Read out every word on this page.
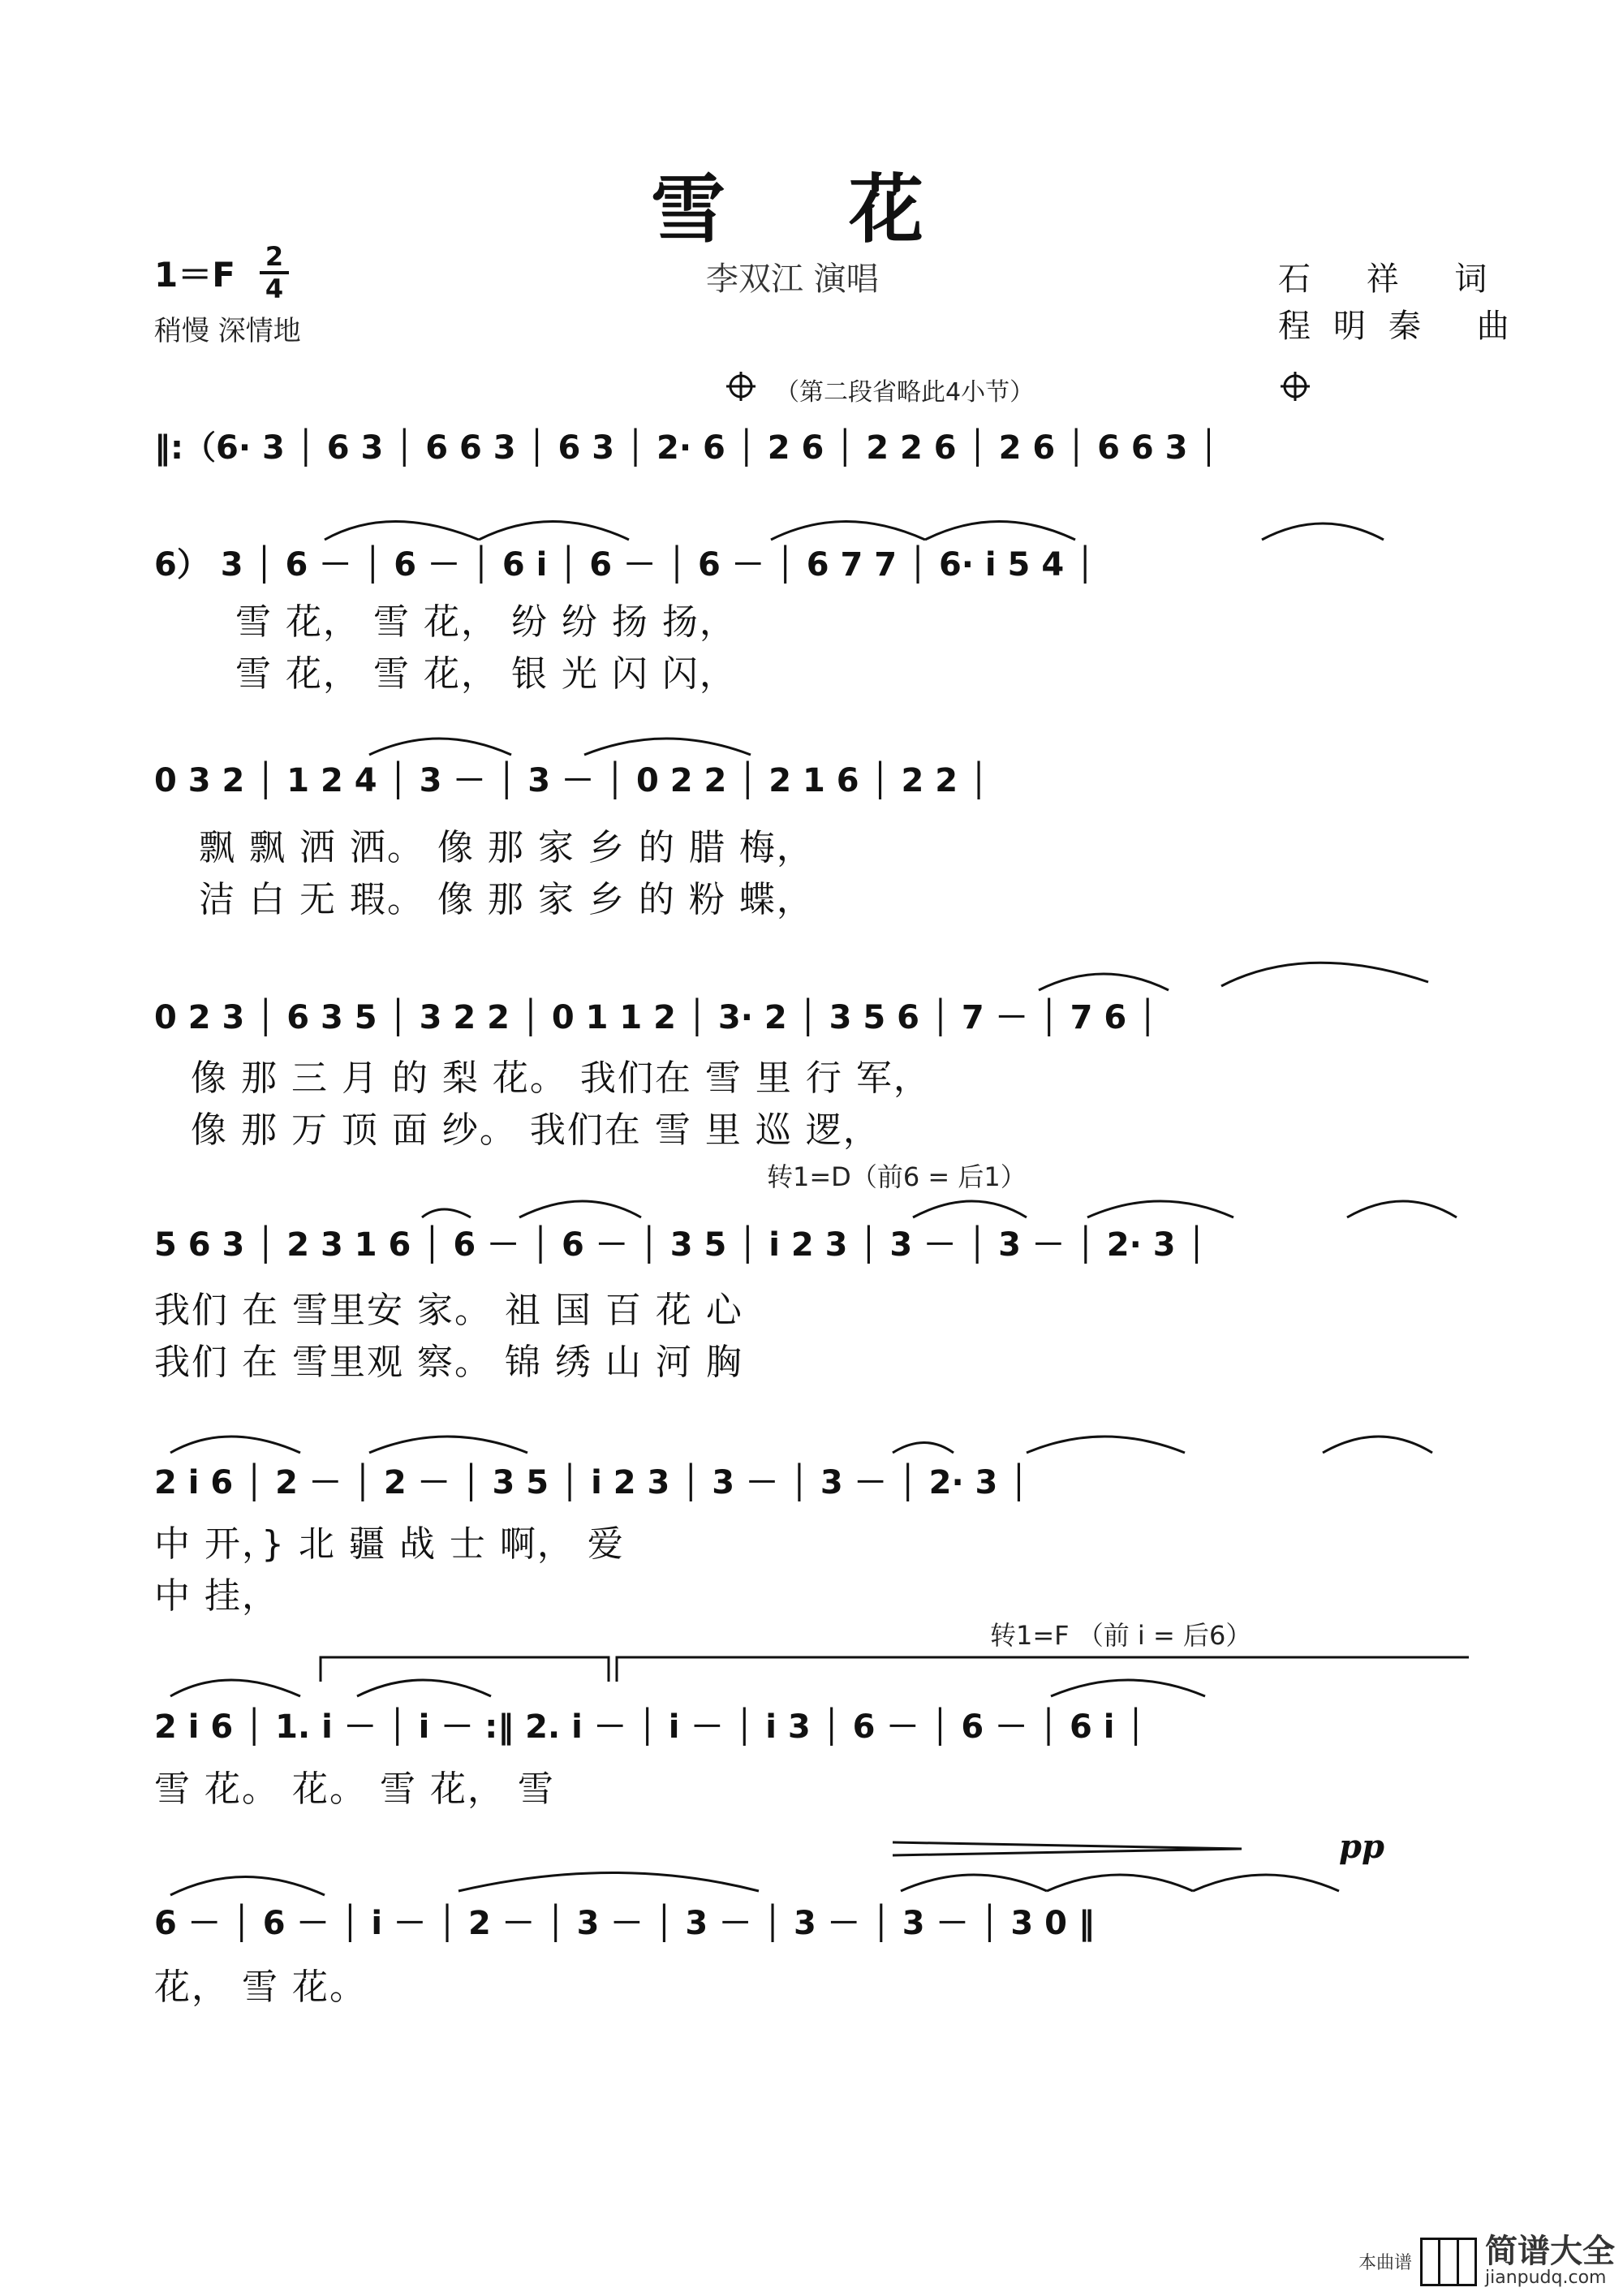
雪 花
李双江 演唱
1＝F 2
4
稍慢 深情地
石 祥 词
程明秦 曲
（第二段省略此4小节）
‖:（6· 3 │ 6 3 │ 6 6 3 │ 6 3 │ 2· 6 │ 2 6 │ 2 2 6 │ 2 6 │ 6 6 3 │
6） 3 │ 6 － │ 6 － │ 6 i │ 6 － │ 6 － │ 6 7 7 │ 6· i 5 4 │
雪 花， 雪 花， 纷 纷 扬 扬，
雪 花， 雪 花， 银 光 闪 闪，
0 3 2 │ 1 2 4 │ 3 － │ 3 － │ 0 2 2 │ 2 1 6 │ 2 2 │
飘 飘 洒 洒。 像 那 家 乡 的 腊 梅，
洁 白 无 瑕。 像 那 家 乡 的 粉 蝶，
0 2 3 │ 6 3 5 │ 3 2 2 │ 0 1 1 2 │ 3· 2 │ 3 5 6 │ 7 － │ 7 6 │
像 那 三 月 的 梨 花。 我们在 雪 里 行 军，
像 那 万 顶 面 纱。 我们在 雪 里 巡 逻，
转1=D（前6 = 后1）
5 6 3 │ 2 3 1 6 │ 6 － │ 6 － │ 3 5 │ i 2 3 │ 3 － │ 3 － │ 2· 3 │
我们 在 雪里安 家。 祖 国 百 花 心
我们 在 雪里观 察。 锦 绣 山 河 胸
2 i 6 │ 2 － │ 2 － │ 3 5 │ i 2 3 │ 3 － │ 3 － │ 2· 3 │
中 开，} 北 疆 战 士 啊， 爱
中 挂，
转1=F （前 i = 后6）
2 i 6 │ 1. i － │ i － :‖ 2. i － │ i － │ i 3 │ 6 － │ 6 － │ 6 i │
雪 花。 花。 雪 花， 雪
pp
6 － │ 6 － │ i － │ 2 － │ 3 － │ 3 － │ 3 － │ 3 － │ 3 0 ‖
花， 雪 花。
本曲谱 简谱大全
jianpudq.com
